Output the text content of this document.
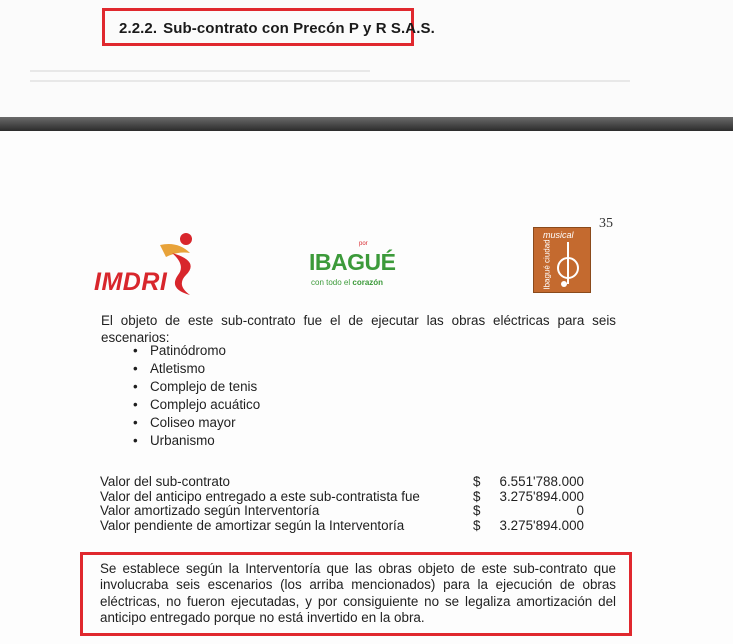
2.2.2. Sub-contrato con Precón P y R S.A.S.
35
IMDRI
por
IBAGUÉ
con todo el corazón
musical
Ibagué ciudad
El objeto de este sub-contrato fue el de ejecutar las obras eléctricas para seis escenarios:
• Patinódromo
• Atletismo
• Complejo de tenis
• Complejo acuático
• Coliseo mayor
• Urbanismo
Valor del sub-contrato	$ 6.551'788.000
Valor del anticipo entregado a este sub-contratista fue	$ 3.275'894.000
Valor amortizado según Interventoría	$	0
Valor pendiente de amortizar según la Interventoría	$ 3.275'894.000
Se establece según la Interventoría que las obras objeto de este sub-contrato que involucraba seis escenarios (los arriba mencionados) para la ejecución de obras eléctricas, no fueron ejecutadas, y por consiguiente no se legaliza amortización del anticipo entregado porque no está invertido en la obra.
